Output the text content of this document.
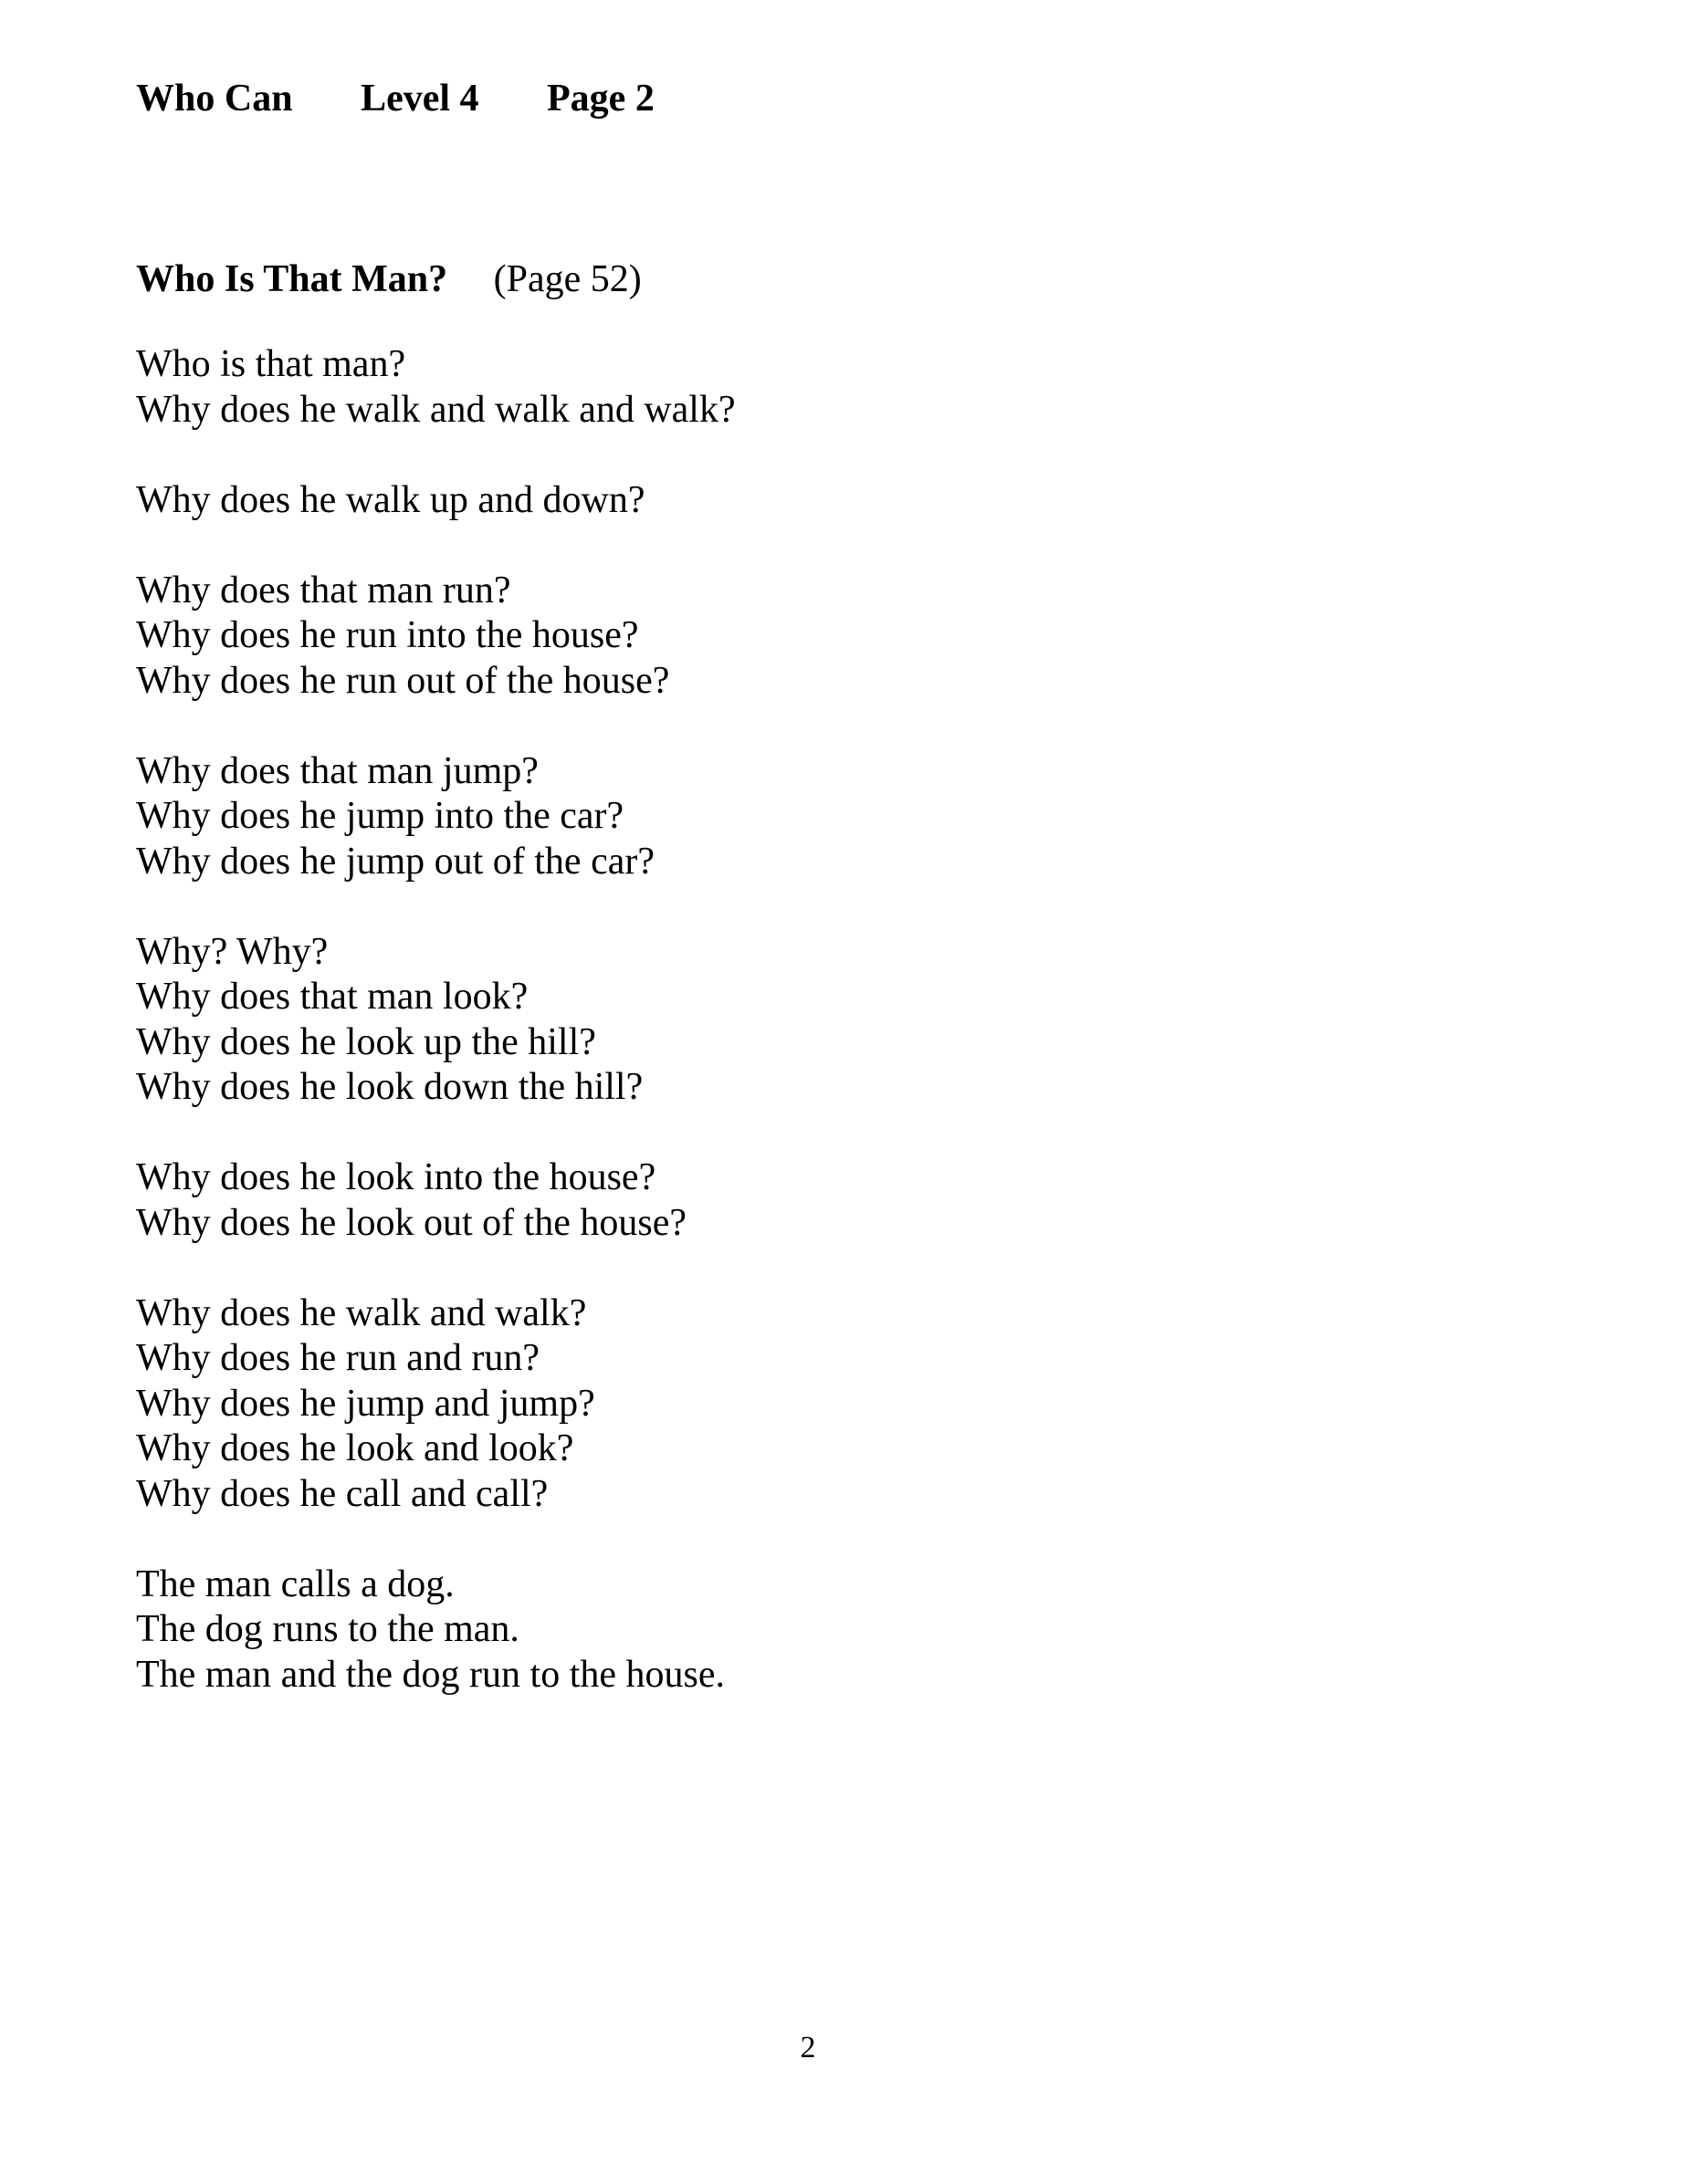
Who Can Level 4 Page 2
Who Is That Man? (Page 52)
Who is that man?
Why does he walk and walk and walk?
Why does he walk up and down?
Why does that man run?
Why does he run into the house?
Why does he run out of the house?
Why does that man jump?
Why does he jump into the car?
Why does he jump out of the car?
Why? Why?
Why does that man look?
Why does he look up the hill?
Why does he look down the hill?
Why does he look into the house?
Why does he look out of the house?
Why does he walk and walk?
Why does he run and run?
Why does he jump and jump?
Why does he look and look?
Why does he call and call?
The man calls a dog.
The dog runs to the man.
The man and the dog run to the house.
2
